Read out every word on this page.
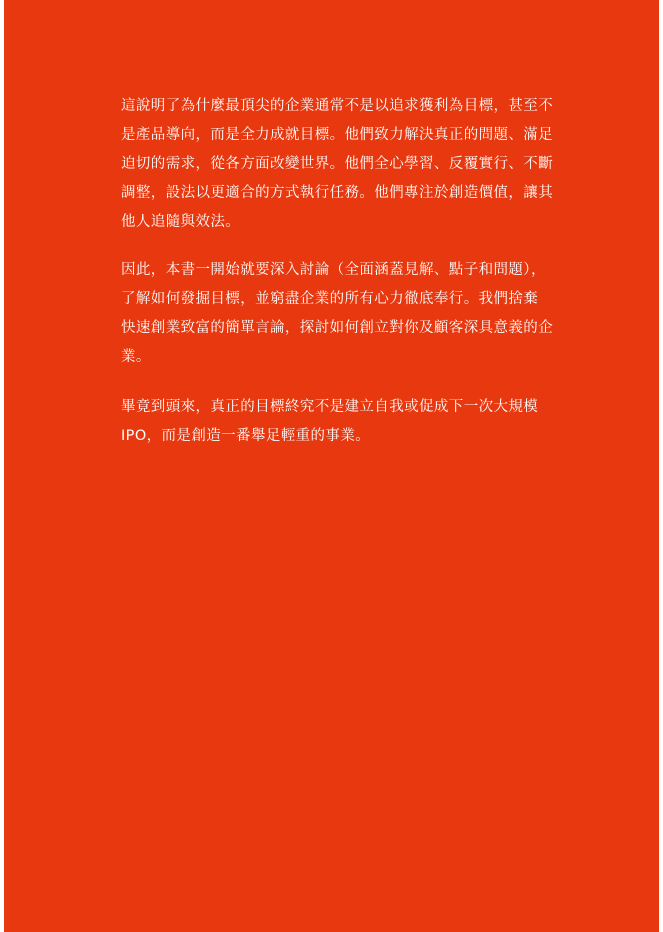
這說明了為什麼最頂尖的企業通常不是以追求獲利為目標，甚至不
是產品導向，而是全力成就目標。他們致力解決真正的問題、滿足
迫切的需求，從各方面改變世界。他們全心學習、反覆實行、不斷
調整，設法以更適合的方式執行任務。他們專注於創造價值，讓其
他人追隨與效法。
因此，本書一開始就要深入討論（全面涵蓋見解、點子和問題），
了解如何發掘目標，並窮盡企業的所有心力徹底奉行。我們捨棄
快速創業致富的簡單言論，探討如何創立對你及顧客深具意義的企
業。
畢竟到頭來，真正的目標終究不是建立自我或促成下一次大規模
IPO，而是創造一番舉足輕重的事業。
